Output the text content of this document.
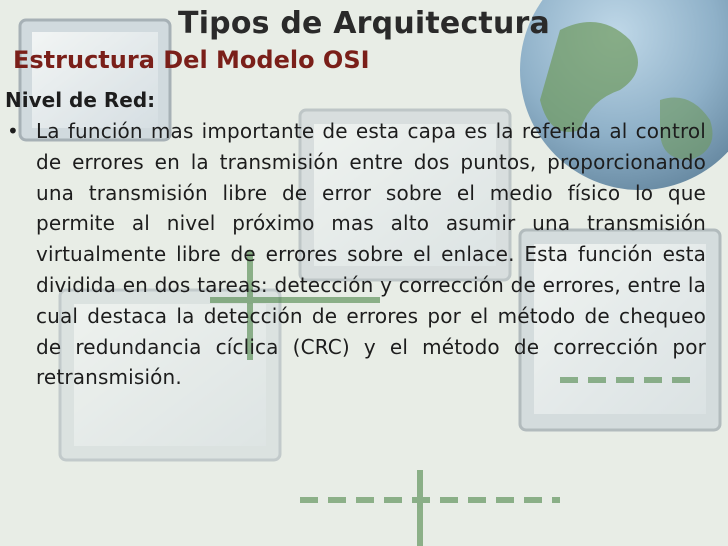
Tipos de Arquitectura
Estructura Del Modelo OSI
Nivel de Red:
• La función mas importante de esta capa es la referida al control de errores en la transmisión entre dos puntos, proporcionando una transmisión libre de error sobre el medio físico lo que permite al nivel próximo mas alto asumir una transmisión virtualmente libre de errores sobre el enlace. Esta función esta dividida en dos tareas: detección y corrección de errores, entre la cual destaca la detección de errores por el método de chequeo de redundancia cíclica (CRC) y el método de corrección por retransmisión.
